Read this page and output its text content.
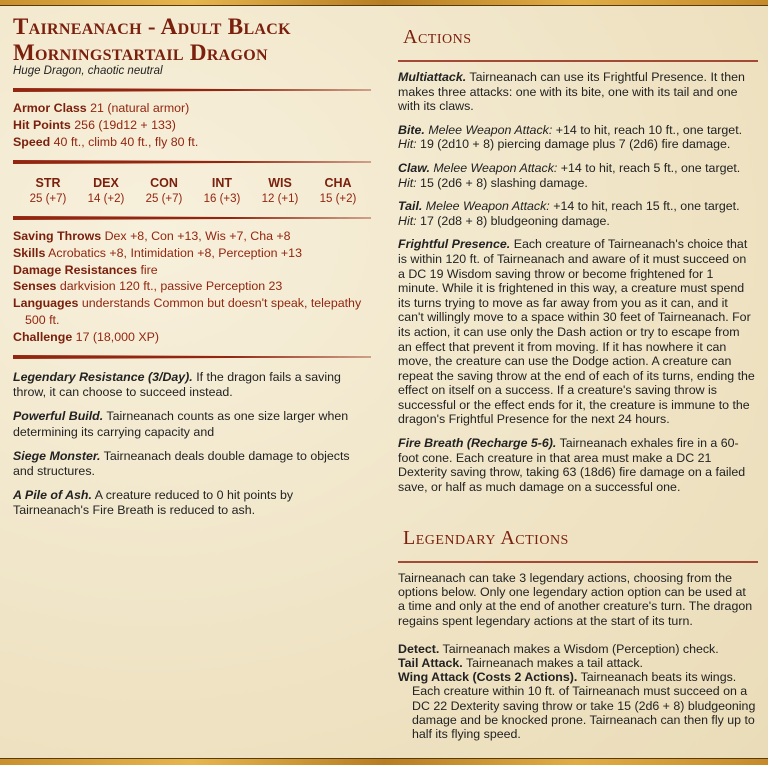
Tairneanach - Adult Black Morningstartail Dragon
Huge Dragon, chaotic neutral
Armor Class 21 (natural armor)
Hit Points 256 (19d12 + 133)
Speed 40 ft., climb 40 ft., fly 80 ft.
STR
25 (+7)
DEX
14 (+2)
CON
25 (+7)
INT
16 (+3)
WIS
12 (+1)
CHA
15 (+2)
Saving Throws Dex +8, Con +13, Wis +7, Cha +8
Skills Acrobatics +8, Intimidation +8, Perception +13
Damage Resistances fire
Senses darkvision 120 ft., passive Perception 23
Languages understands Common but doesn't speak, telepathy 500 ft.
Challenge 17 (18,000 XP)
Legendary Resistance (3/Day). If the dragon fails a saving throw, it can choose to succeed instead.
Powerful Build. Tairneanach counts as one size larger when determining its carrying capacity and
Siege Monster. Tairneanach deals double damage to objects and structures.
A Pile of Ash. A creature reduced to 0 hit points by Tairneanach's Fire Breath is reduced to ash.
Actions
Multiattack. Tairneanach can use its Frightful Presence. It then makes three attacks: one with its bite, one with its tail and one with its claws.
Bite. Melee Weapon Attack: +14 to hit, reach 10 ft., one target.
Hit: 19 (2d10 + 8) piercing damage plus 7 (2d6) fire damage.
Claw. Melee Weapon Attack: +14 to hit, reach 5 ft., one target.
Hit: 15 (2d6 + 8) slashing damage.
Tail. Melee Weapon Attack: +14 to hit, reach 15 ft., one target.
Hit: 17 (2d8 + 8) bludgeoning damage.
Frightful Presence. Each creature of Tairneanach's choice that is within 120 ft. of Tairneanach and aware of it must succeed on a DC 19 Wisdom saving throw or become frightened for 1 minute. While it is frightened in this way, a creature must spend its turns trying to move as far away from you as it can, and it can't willingly move to a space within 30 feet of Tairneanach. For its action, it can use only the Dash action or try to escape from an effect that prevent it from moving. If it has nowhere it can move, the creature can use the Dodge action. A creature can repeat the saving throw at the end of each of its turns, ending the effect on itself on a success. If a creature's saving throw is successful or the effect ends for it, the creature is immune to the dragon's Frightful Presence for the next 24 hours.
Fire Breath (Recharge 5-6). Tairneanach exhales fire in a 60-foot cone. Each creature in that area must make a DC 21 Dexterity saving throw, taking 63 (18d6) fire damage on a failed save, or half as much damage on a successful one.
Legendary Actions
Tairneanach can take 3 legendary actions, choosing from the options below. Only one legendary action option can be used at a time and only at the end of another creature's turn. The dragon regains spent legendary actions at the start of its turn.
Detect. Tairneanach makes a Wisdom (Perception) check.
Tail Attack. Tairneanach makes a tail attack.
Wing Attack (Costs 2 Actions). Tairneanach beats its wings. Each creature within 10 ft. of Tairneanach must succeed on a DC 22 Dexterity saving throw or take 15 (2d6 + 8) bludgeoning damage and be knocked prone. Tairneanach can then fly up to half its flying speed.
